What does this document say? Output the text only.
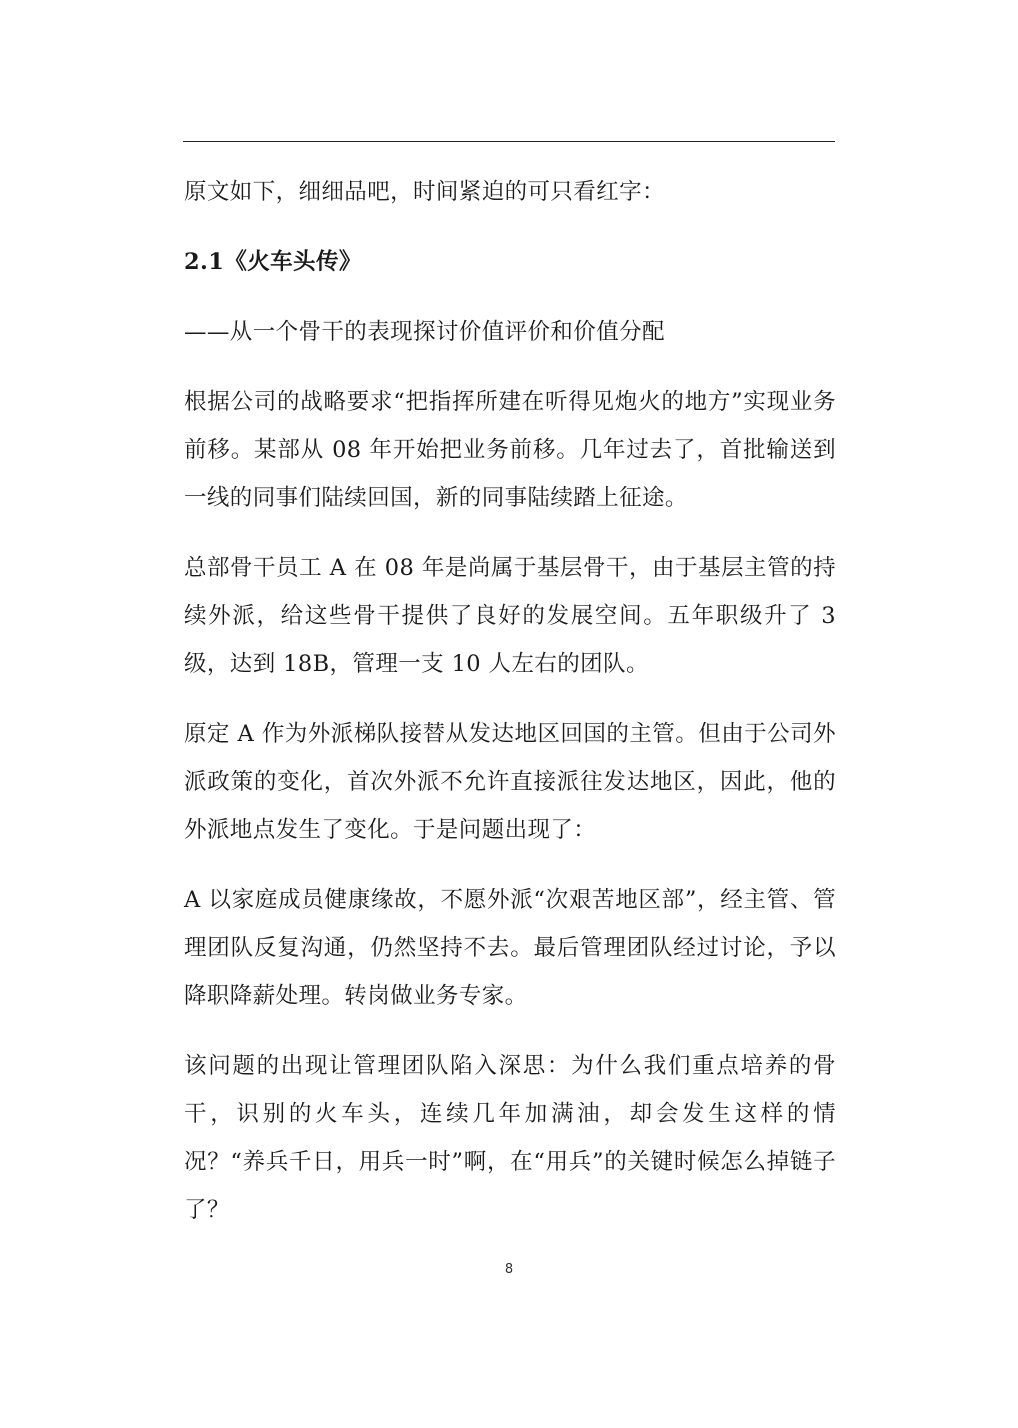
原文如下，细细品吧，时间紧迫的可只看红字：

2.1《火车头传》

——从一个骨干的表现探讨价值评价和价值分配

根据公司的战略要求“把指挥所建在听得见炮火的地方”实现业务前移。某部从 08 年开始把业务前移。几年过去了，首批输送到一线的同事们陆续回国，新的同事陆续踏上征途。

总部骨干员工 A 在 08 年是尚属于基层骨干，由于基层主管的持续外派，给这些骨干提供了良好的发展空间。五年职级升了 3 级，达到 18B，管理一支 10 人左右的团队。

原定 A 作为外派梯队接替从发达地区回国的主管。但由于公司外派政策的变化，首次外派不允许直接派往发达地区，因此，他的外派地点发生了变化。于是问题出现了：

A 以家庭成员健康缘故，不愿外派“次艰苦地区部”，经主管、管理团队反复沟通，仍然坚持不去。最后管理团队经过讨论，予以降职降薪处理。转岗做业务专家。

该问题的出现让管理团队陷入深思：为什么我们重点培养的骨干，识别的火车头，连续几年加满油，却会发生这样的情况？“养兵千日，用兵一时”啊，在“用兵”的关键时候怎么掉链子了？

8
